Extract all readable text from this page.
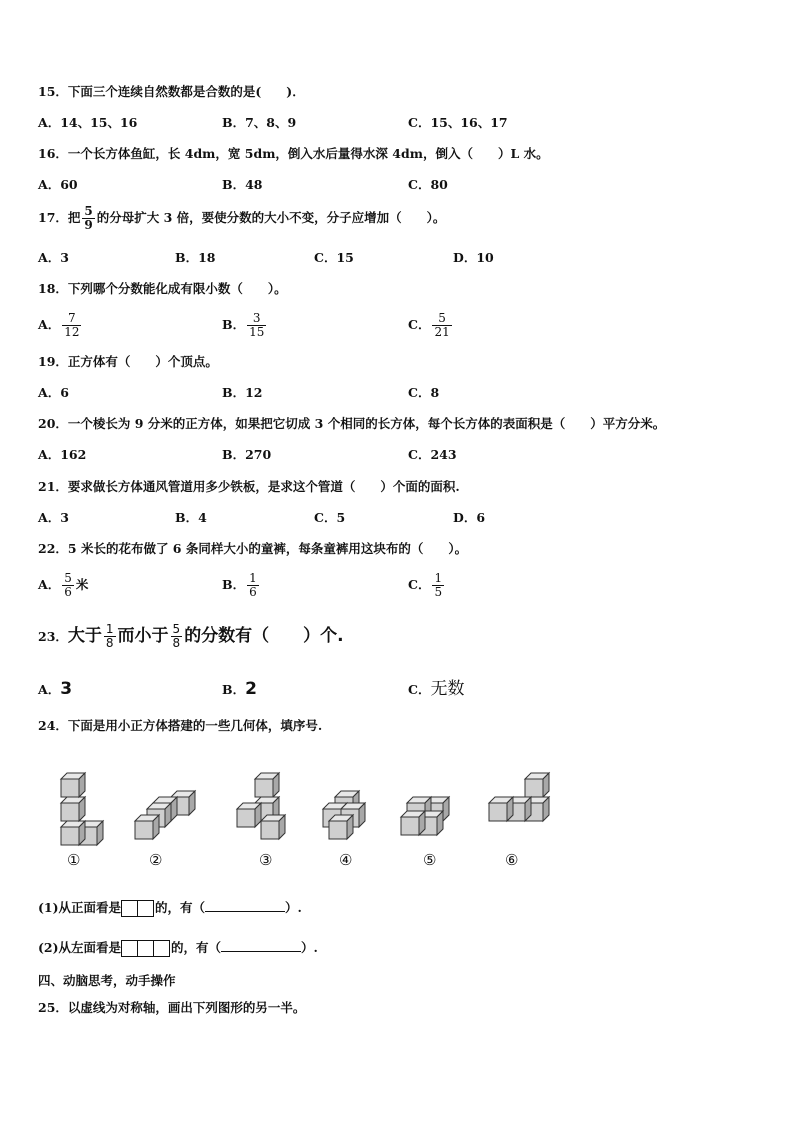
15．下面三个连续自然数都是合数的是(　　)．
A．14、15、16	B．7、8、9	C．15、16、17
16．一个长方体鱼缸，长 4dm，宽 5dm，倒入水后量得水深 4dm，倒入（　　）L 水。
A．60	B．48	C．80
17．把 $\frac{5}{9}$ 的分母扩大 3 倍，要使分数的大小不变，分子应增加（　　）。
A．3	B．18	C．15	D．10
18．下列哪个分数能化成有限小数（　　）。
A． $\frac{7}{12}$	B． $\frac{3}{15}$	C． $\frac{5}{21}$
19．正方体有（　　）个顶点。
A．6	B．12	C．8
20．一个棱长为 9 分米的正方体，如果把它切成 3 个相同的长方体，每个长方体的表面积是（　　）平方分米。
A．162	B．270	C．243
21．要求做长方体通风管道用多少铁板，是求这个管道（　　）个面的面积.
A．3	B．4	C．5	D．6
22．5 米长的花布做了 6 条同样大小的童裤，每条童裤用这块布的（　　）。
A． $\frac{5}{6}$ 米	B． $\frac{1}{6}$	C． $\frac{1}{5}$
23．大于 $\frac{1}{8}$ 而小于 $\frac{5}{8}$ 的分数有（　　）个.
A．3	B．2	C．无数
24．下面是用小正方体搭建的一些几何体，填序号.
①	②	③	④	⑤	⑥
(1)从正面看是	的，有（	）.
(2)从左面看是	的，有（	）.
四、动脑思考，动手操作
25．以虚线为对称轴，画出下列图形的另一半。
